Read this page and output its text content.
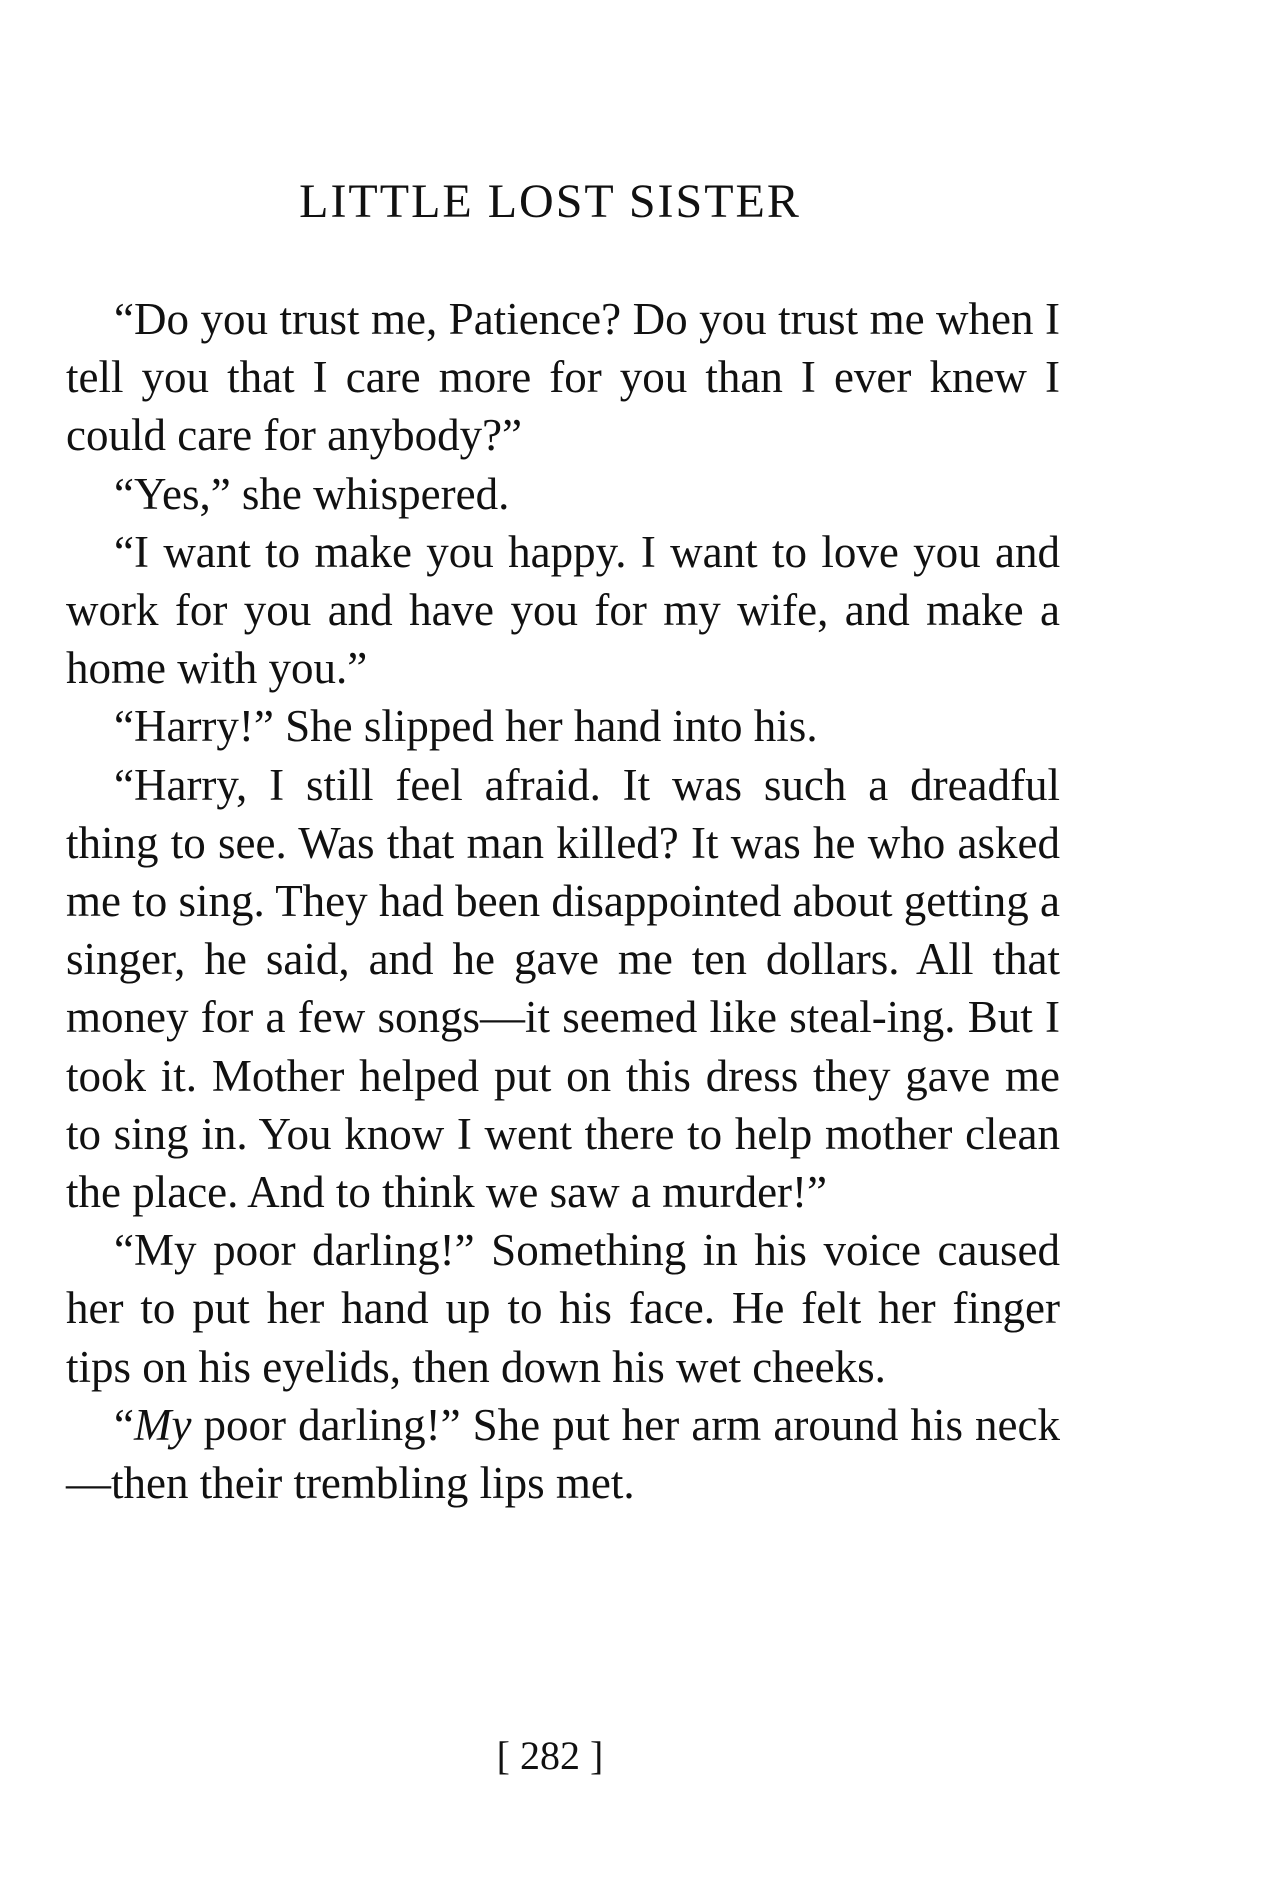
LITTLE LOST SISTER

“Do you trust me, Patience? Do you trust me when I tell you that I care more for you than I ever knew I could care for anybody?”

“Yes,” she whispered.

“I want to make you happy. I want to love you and work for you and have you for my wife, and make a home with you.”

“Harry!” She slipped her hand into his.

“Harry, I still feel afraid. It was such a dreadful thing to see. Was that man killed? It was he who asked me to sing. They had been disappointed about getting a singer, he said, and he gave me ten dollars. All that money for a few songs—it seemed like steal-ing. But I took it. Mother helped put on this dress they gave me to sing in. You know I went there to help mother clean the place. And to think we saw a murder!”

“My poor darling!” Something in his voice caused her to put her hand up to his face. He felt her finger tips on his eyelids, then down his wet cheeks.

“My poor darling!” She put her arm around his neck—then their trembling lips met.

[ 282 ]
